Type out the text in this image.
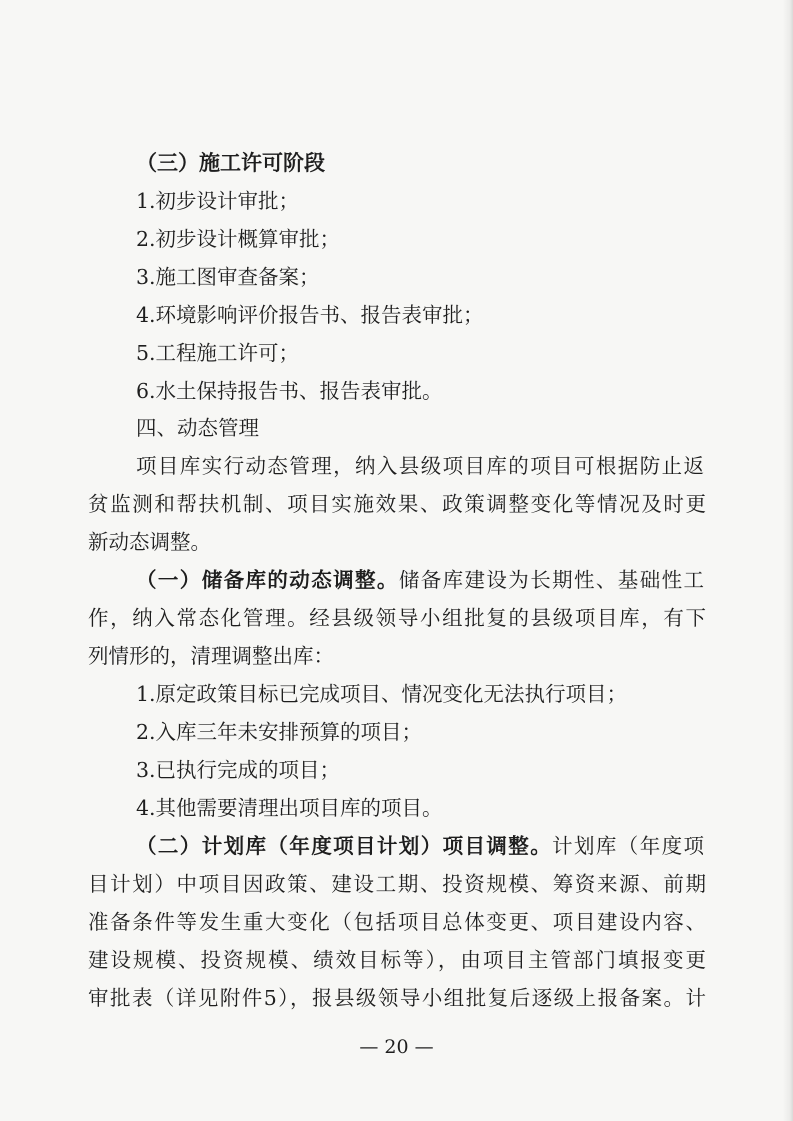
（三）施工许可阶段
1.初步设计审批；
2.初步设计概算审批；
3.施工图审查备案；
4.环境影响评价报告书、报告表审批；
5.工程施工许可；
6.水土保持报告书、报告表审批。
四、动态管理
项目库实行动态管理，纳入县级项目库的项目可根据防止返
贫监测和帮扶机制、项目实施效果、政策调整变化等情况及时更
新动态调整。
（一）储备库的动态调整。储备库建设为长期性、基础性工
作，纳入常态化管理。经县级领导小组批复的县级项目库，有下
列情形的，清理调整出库：
1.原定政策目标已完成项目、情况变化无法执行项目；
2.入库三年未安排预算的项目；
3.已执行完成的项目；
4.其他需要清理出项目库的项目。
（二）计划库（年度项目计划）项目调整。计划库（年度项
目计划）中项目因政策、建设工期、投资规模、筹资来源、前期
准备条件等发生重大变化（包括项目总体变更、项目建设内容、
建设规模、投资规模、绩效目标等），由项目主管部门填报变更
审批表（详见附件5），报县级领导小组批复后逐级上报备案。计
— 20 —
